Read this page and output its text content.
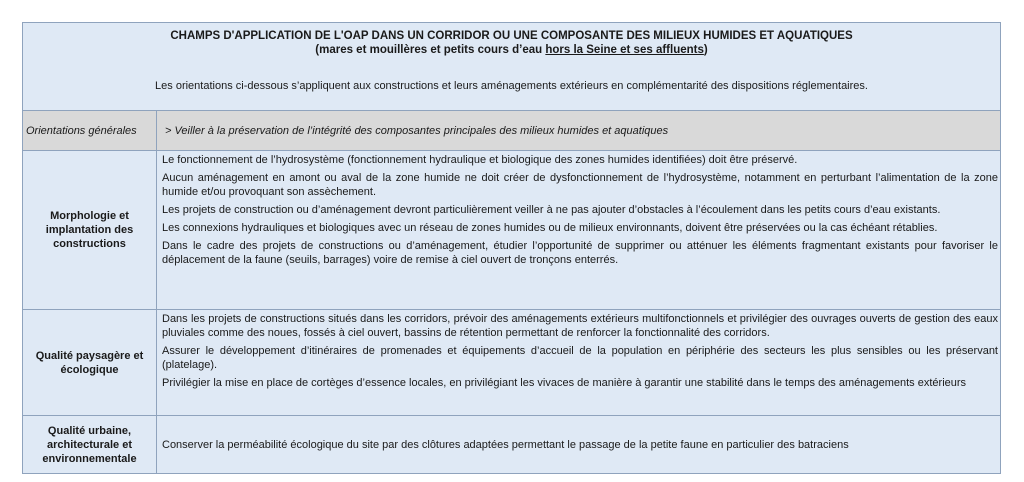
CHAMPS D'APPLICATION DE L'OAP DANS UN CORRIDOR OU UNE COMPOSANTE DES MILIEUX HUMIDES ET AQUATIQUES
(mares et mouillères et petits cours d’eau hors la Seine et ses affluents)
Les orientations ci-dessous s’appliquent aux constructions et leurs aménagements extérieurs en complémentarité des dispositions réglementaires.
Orientations générales	> Veiller à la préservation de l’intégrité des composantes principales des milieux humides et aquatiques
Morphologie et implantation des constructions

Le fonctionnement de l’hydrosystème (fonctionnement hydraulique et biologique des zones humides identifiées) doit être préservé.

Aucun aménagement en amont ou aval de la zone humide ne doit créer de dysfonctionnement de l’hydrosystème, notamment en perturbant l’alimentation de la zone humide et/ou provoquant son assèchement.

Les projets de construction ou d’aménagement devront particulièrement veiller à ne pas ajouter d’obstacles à l’écoulement dans les petits cours d’eau existants.

Les connexions hydrauliques et biologiques avec un réseau de zones humides ou de milieux environnants, doivent être préservées ou la cas échéant rétablies.

Dans le cadre des projets de constructions ou d’aménagement, étudier l’opportunité de supprimer ou atténuer les éléments fragmentant existants pour favoriser le déplacement de la faune (seuils, barrages) voire de remise à ciel ouvert de tronçons enterrés.

Qualité paysagère et écologique

Dans les projets de constructions situés dans les corridors, prévoir des aménagements extérieurs multifonctionnels et privilégier des ouvrages ouverts de gestion des eaux pluviales comme des noues, fossés à ciel ouvert, bassins de rétention permettant de renforcer la fonctionnalité des corridors.

Assurer le développement d’itinéraires de promenades et équipements d’accueil de la population en périphérie des secteurs les plus sensibles ou les préservant (platelage).

Privilégier la mise en place de cortèges d’essence locales, en privilégiant les vivaces de manière à garantir une stabilité dans le temps des aménagements extérieurs

Qualité urbaine, architecturale et environnementale

Conserver la perméabilité écologique du site par des clôtures adaptées permettant le passage de la petite faune en particulier des batraciens
